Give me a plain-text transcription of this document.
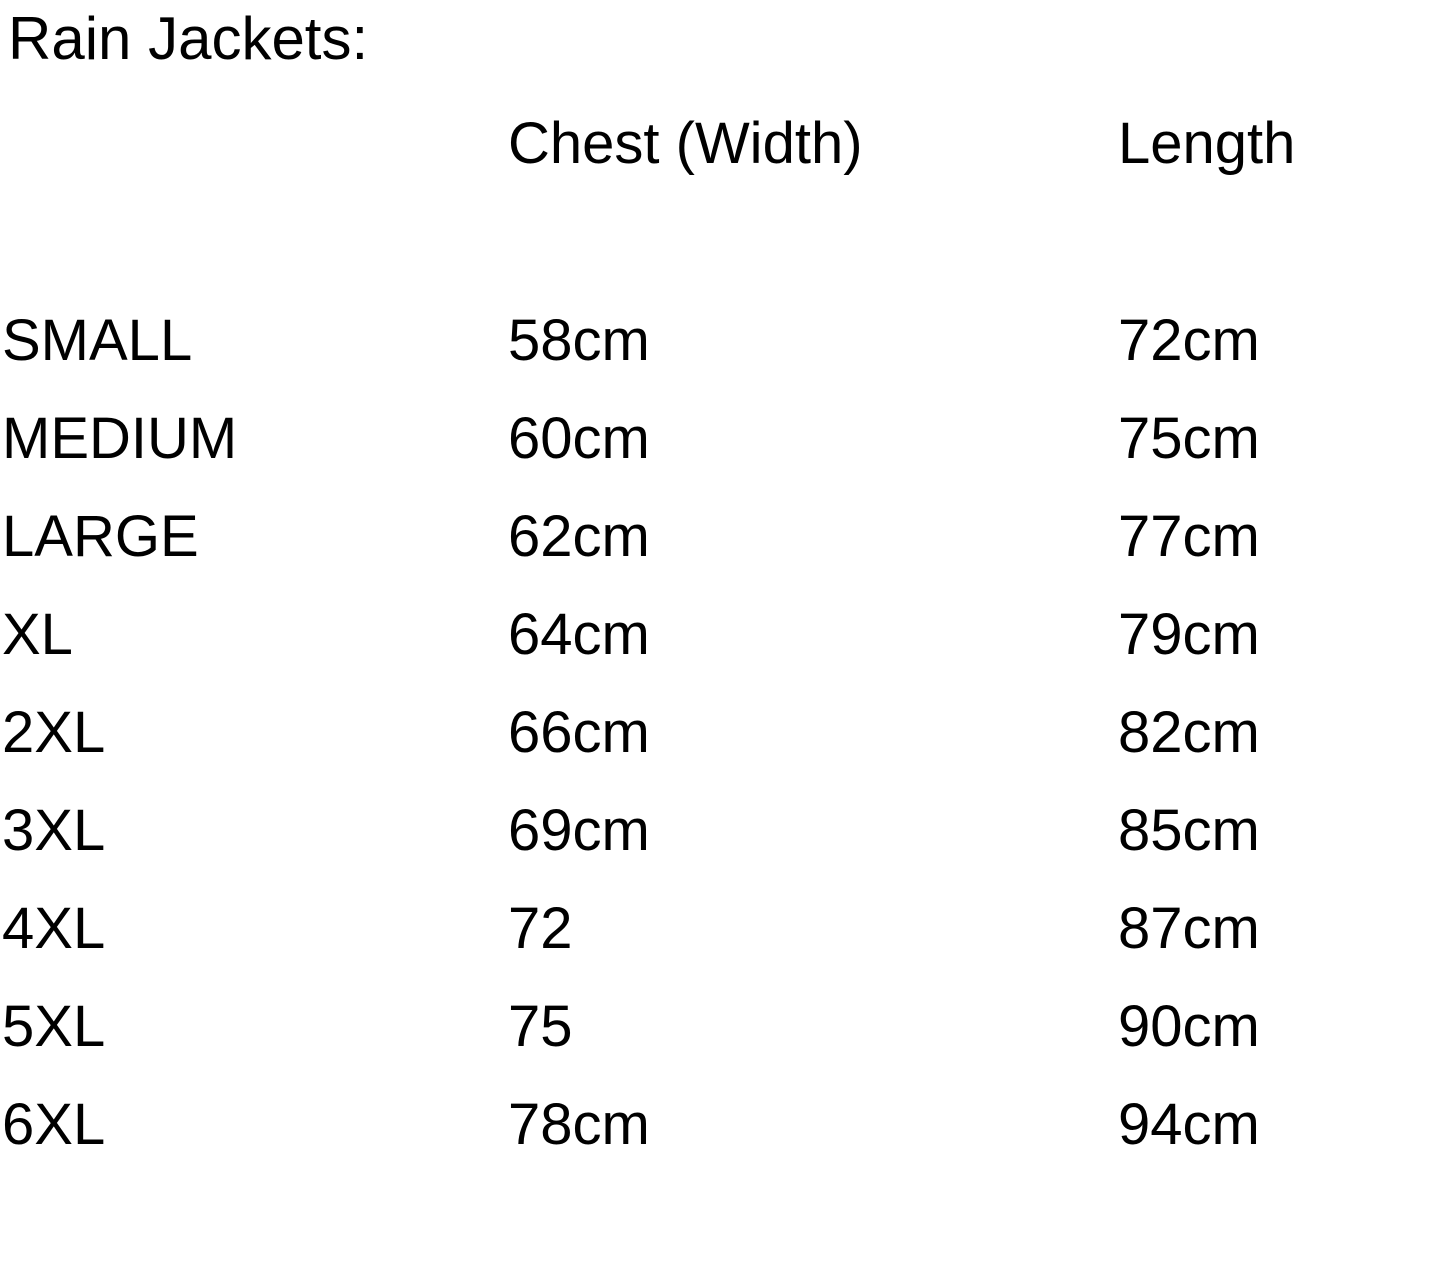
Rain Jackets:
	Chest (Width)	Length

SMALL	58cm	72cm
MEDIUM	60cm	75cm
LARGE	62cm	77cm
XL	64cm	79cm
2XL	66cm	82cm
3XL	69cm	85cm
4XL	72	87cm
5XL	75	90cm
6XL	78cm	94cm
